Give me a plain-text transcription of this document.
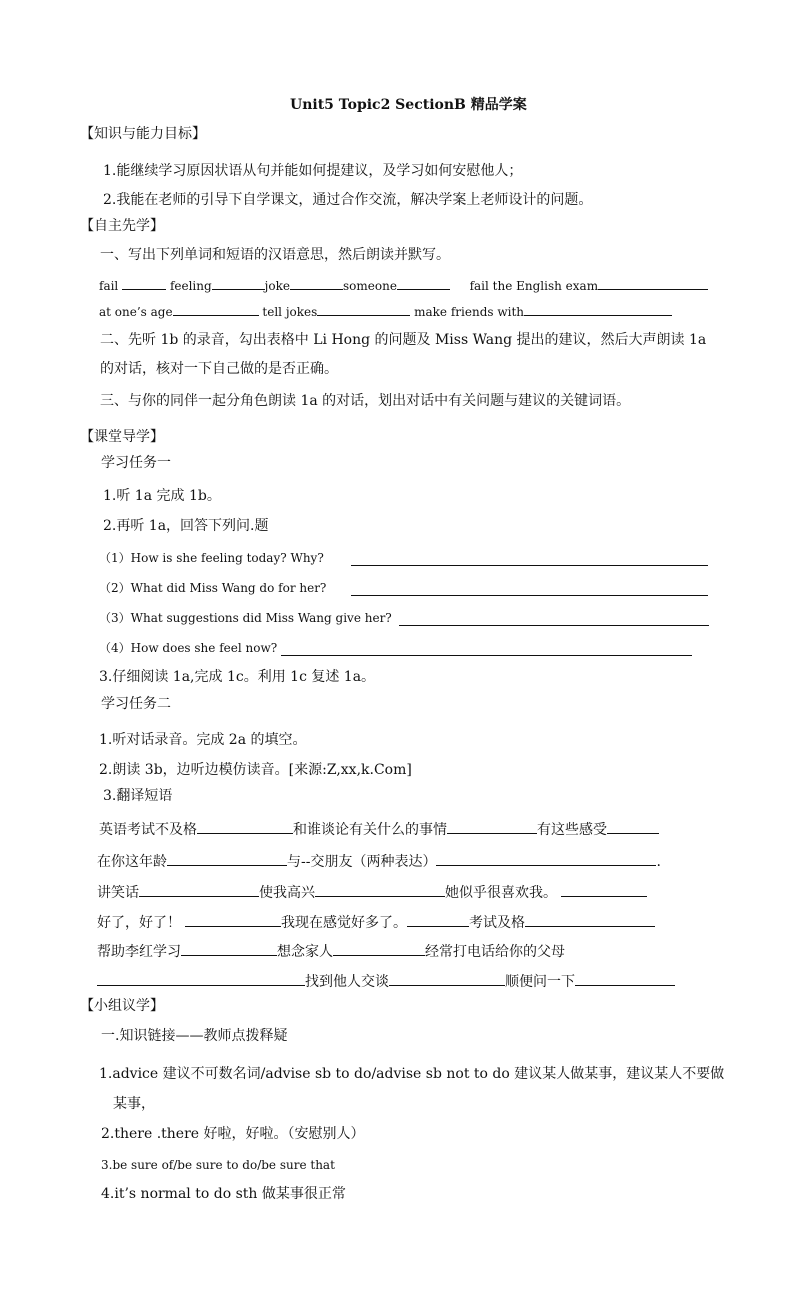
Unit5 Topic2 SectionB 精品学案
【知识与能力目标】
1.能继续学习原因状语从句并能如何提建议，及学习如何安慰他人；
2.我能在老师的引导下自学课文，通过合作交流，解决学案上老师设计的问题。
【自主先学】
一、写出下列单词和短语的汉语意思，然后朗读并默写。
fail	feeling	joke	someone	fail the English exam
at one’s age	tell jokes	make friends with
二、先听 1b 的录音，勾出表格中 Li Hong 的问题及 Miss Wang 提出的建议，然后大声朗读 1a
的对话，核对一下自己做的是否正确。
三、与你的同伴一起分角色朗读 1a 的对话，划出对话中有关问题与建议的关键词语。
【课堂导学】
学习任务一
1.听 1a 完成 1b。
2.再听 1a，回答下列问.题
（1）How is she feeling today? Why?
（2）What did Miss Wang do for her?
（3）What suggestions did Miss Wang give her?
（4）How does she feel now?
3.仔细阅读 1a,完成 1c。利用 1c 复述 1a。
学习任务二
1.听对话录音。完成 2a 的填空。
2.朗读 3b，边听边模仿读音。[来源:Z,xx,k.Com]
3.翻译短语
英语考试不及格	和谁谈论有关什么的事情	有这些感受
在你这年龄	与--交朋友（两种表达）	.
讲笑话	使我高兴	她似乎很喜欢我。
好了，好了！	我现在感觉好多了。	考试及格
帮助李红学习	想念家人	经常打电话给你的父母
找到他人交谈	顺便问一下
【小组议学】
一.知识链接——教师点拨释疑
1.advice 建议不可数名词/advise sb to do/advise sb not to do 建议某人做某事，建议某人不要做
某事，
2.there .there 好啦，好啦。（安慰别人）
3.be sure of/be sure to do/be sure that
4.it’s normal to do sth 做某事很正常
